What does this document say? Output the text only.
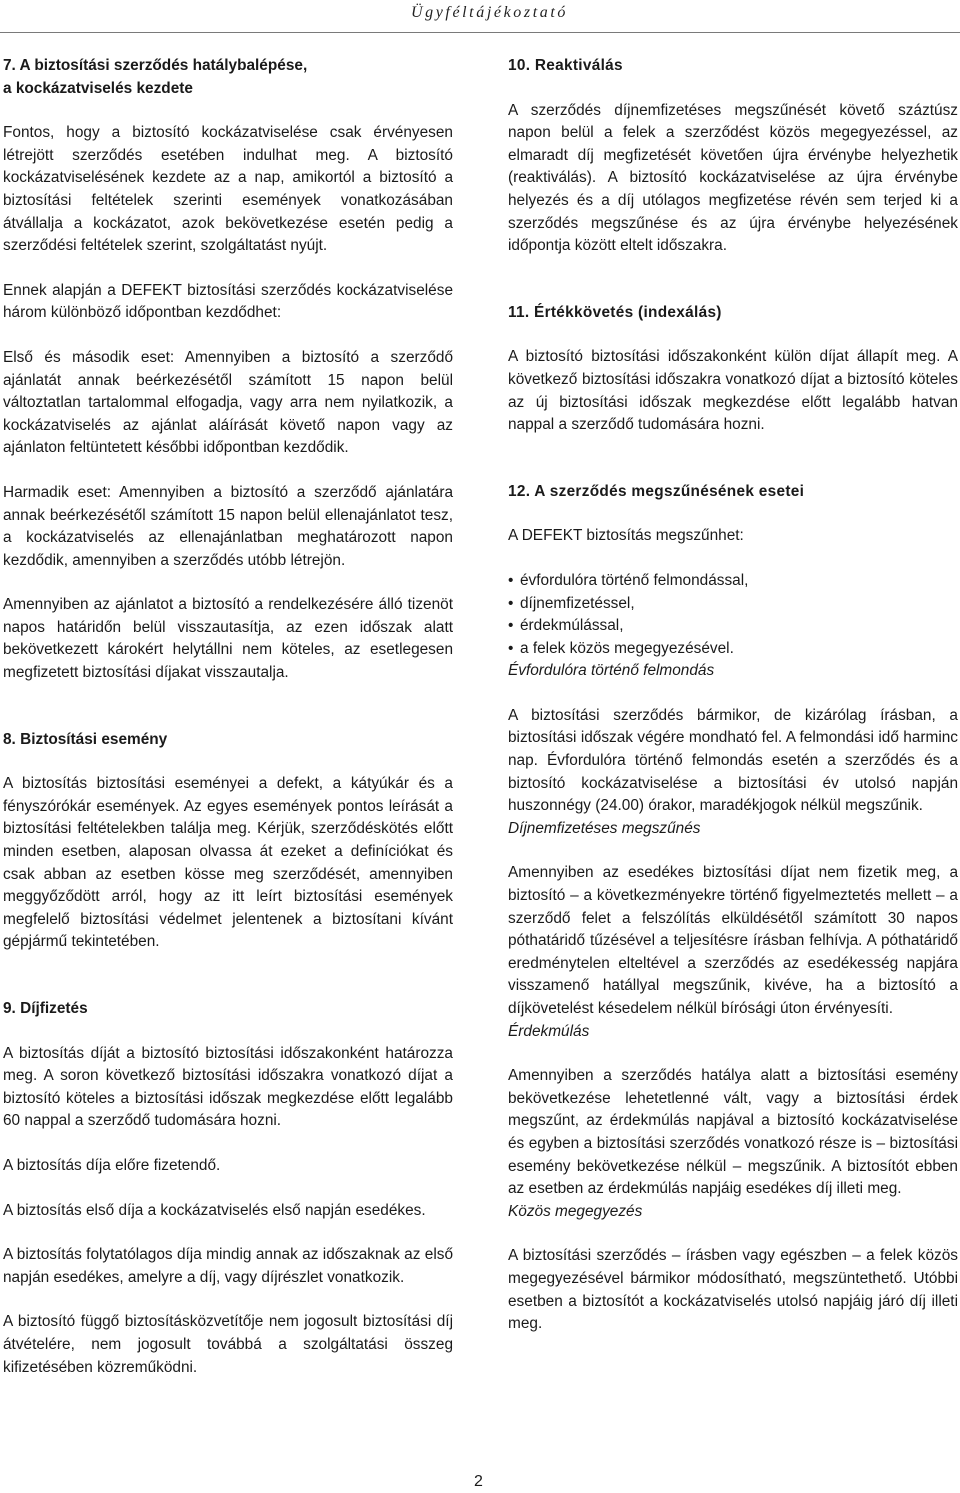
Ügyféltájékoztató
7. A biztosítási szerződés hatálybalépése,
a kockázatviselés kezdete

Fontos, hogy a biztosító kockázatviselése csak érvényesen létrejött szerződés esetében indulhat meg. A biztosító kockázatviselésének kezdete az a nap, amikortól a biztosító a biztosítási feltételek szerinti események vonatkozásában átvállalja a kockázatot, azok bekövetkezése esetén pedig a szerződési feltételek szerint, szolgáltatást nyújt.

Ennek alapján a DEFEKT biztosítási szerződés kockázatviselése három különböző időpontban kezdődhet:

Első és második eset: Amennyiben a biztosító a szerződő ajánlatát annak beérkezésétől számított 15 napon belül változtatlan tartalommal elfogadja, vagy arra nem nyilatkozik, a kockázatviselés az ajánlat aláírását követő napon vagy az ajánlaton feltüntetett későbbi időpontban kezdődik.

Harmadik eset: Amennyiben a biztosító a szerződő ajánlatára annak beérkezésétől számított 15 napon belül ellenajánlatot tesz, a kockázatviselés az ellenajánlatban meghatározott napon kezdődik, amennyiben a szerződés utóbb létrejön.

Amennyiben az ajánlatot a biztosító a rendelkezésére álló tizenöt napos határidőn belül visszautasítja, az ezen időszak alatt bekövetkezett károkért helytállni nem köteles, az esetlegesen megfizetett biztosítási díjakat visszautalja.

8. Biztosítási esemény

A biztosítás biztosítási eseményei a defekt, a kátyúkár és a fényszórókár események. Az egyes események pontos leírását a biztosítási feltételekben találja meg. Kérjük, szerződéskötés előtt minden esetben, alaposan olvassa át ezeket a definíciókat és csak abban az esetben kösse meg szerződését, amennyiben meggyőződött arról, hogy az itt leírt biztosítási események megfelelő biztosítási védelmet jelentenek a biztosítani kívánt gépjármű tekintetében.

9. Díjfizetés

A biztosítás díját a biztosító biztosítási időszakonként határozza meg. A soron következő biztosítási időszakra vonatkozó díjat a biztosító köteles a biztosítási időszak megkezdése előtt legalább 60 nappal a szerződő tudomására hozni.

A biztosítás díja előre fizetendő.

A biztosítás első díja a kockázatviselés első napján esedékes.

A biztosítás folytatólagos díja mindig annak az időszaknak az első napján esedékes, amelyre a díj, vagy díjrészlet vonatkozik.

A biztosító függő biztosításközvetítője nem jogosult biztosítási díj átvételére, nem jogosult továbbá a szolgáltatási összeg kifizetésében közreműködni.

10. Reaktiválás

A szerződés díjnemfizetéses megszűnését követő száztúsz napon belül a felek a szerződést közös megegyezéssel, az elmaradt díj megfizetését követően újra érvénybe helyezhetik (reaktiválás). A biztosító kockázatviselése az újra érvénybe helyezés és a díj utólagos megfizetése révén sem terjed ki a szerződés megszűnése és az újra érvénybe helyezésének időpontja között eltelt időszakra.

11. Értékkövetés (indexálás)

A biztosító biztosítási időszakonként külön díjat állapít meg. A következő biztosítási időszakra vonatkozó díjat a biztosító köteles az új biztosítási időszak megkezdése előtt legalább hatvan nappal a szerződő tudomására hozni.

12. A szerződés megszűnésének esetei

A DEFEKT biztosítás megszűnhet:

• évfordulóra történő felmondással,
• díjnemfizetéssel,
• érdekmúlással,
• a felek közös megegyezésével.
Évfordulóra történő felmondás

A biztosítási szerződés bármikor, de kizárólag írásban, a biztosítási időszak végére mondható fel. A felmondási idő harminc nap. Évfordulóra történő felmondás esetén a szerződés és a biztosító kockázatviselése a biztosítási év utolsó napján huszonnégy (24.00) órakor, maradékjogok nélkül megszűnik.

Díjnemfizetéses megszűnés

Amennyiben az esedékes biztosítási díjat nem fizetik meg, a biztosító – a következményekre történő figyelmeztetés mellett – a szerződő felet a felszólítás elküldésétől számított 30 napos póthatáridő tűzésével a teljesítésre írásban felhívja. A póthatáridő eredménytelen elteltével a szerződés az esedékesség napjára visszamenő hatállyal megszűnik, kivéve, ha a biztosító a díjkövetelést késedelem nélkül bírósági úton érvényesíti.

Érdekmúlás

Amennyiben a szerződés hatálya alatt a biztosítási esemény bekövetkezése lehetetlenné vált, vagy a biztosítási érdek megszűnt, az érdekmúlás napjával a biztosító kockázatviselése és egyben a biztosítási szerződés vonatkozó része is – biztosítási esemény bekövetkezése nélkül – megszűnik. A biztosítót ebben az esetben az érdekmúlás napjáig esedékes díj illeti meg.

Közös megegyezés

A biztosítási szerződés – írásben vagy egészben – a felek közös megegyezésével bármikor módosítható, megszüntethető. Utóbbi esetben a biztosítót a kockázatviselés utolsó napjáig járó díj illeti meg.

2
